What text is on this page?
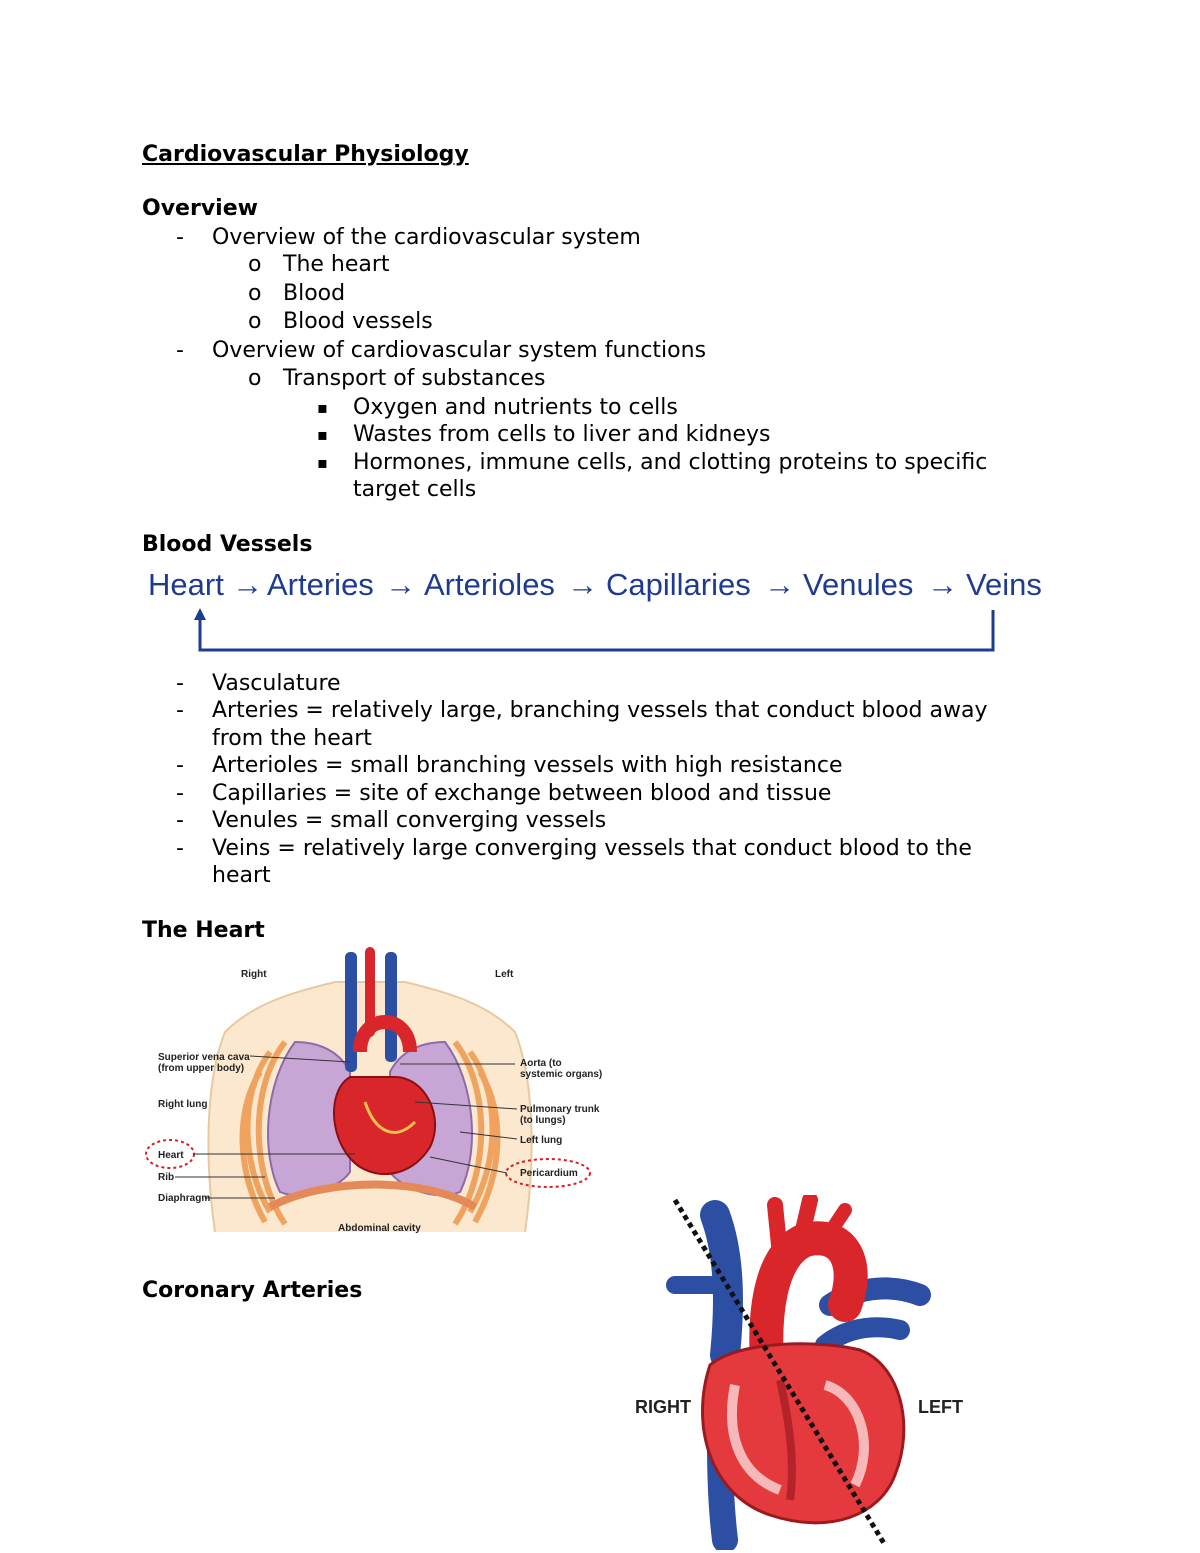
Cardiovascular Physiology
Overview
- Overview of the cardiovascular system
o The heart
o Blood
o Blood vessels
- Overview of cardiovascular system functions
o Transport of substances
▪ Oxygen and nutrients to cells
▪ Wastes from cells to liver and kidneys
▪ Hormones, immune cells, and clotting proteins to specific
target cells
Blood Vessels
Heart → Arteries → Arterioles → Capillaries → Venules → Veins
- Vasculature
- Arteries = relatively large, branching vessels that conduct blood away
from the heart
- Arterioles = small branching vessels with high resistance
- Capillaries = site of exchange between blood and tissue
- Venules = small converging vessels
- Veins = relatively large converging vessels that conduct blood to the
heart
The Heart
Right	Left
Superior vena cava
(from upper body)
Right lung
Heart
Rib
Diaphragm
Aorta (to
systemic organs)
Pulmonary trunk
(to lungs)
Left lung
Pericardium
Abdominal cavity
Coronary Arteries
RIGHT	LEFT
